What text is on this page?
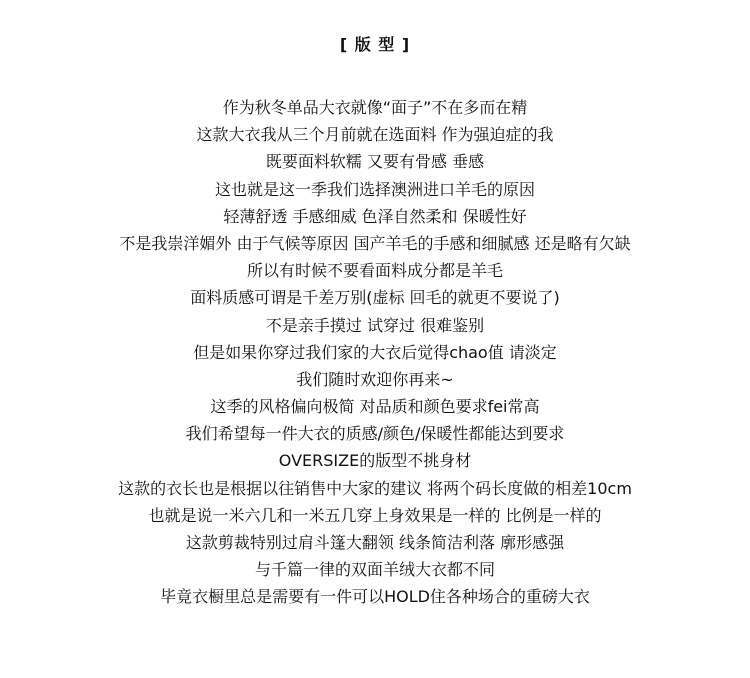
[ 版 型 ]
作为秋冬单品大衣就像“面子”不在多而在精
这款大衣我从三个月前就在选面料 作为强迫症的我
既要面料软糯 又要有骨感 垂感
这也就是这一季我们选择澳洲进口羊毛的原因
轻薄舒透 手感细威 色泽自然柔和 保暖性好
不是我崇洋媚外 由于气候等原因 国产羊毛的手感和细腻感 还是略有欠缺
所以有时候不要看面料成分都是羊毛
面料质感可谓是千差万别(虚标 回毛的就更不要说了)
不是亲手摸过 试穿过 很难鉴别
但是如果你穿过我们家的大衣后觉得chao值 请淡定
我们随时欢迎你再来~
这季的风格偏向极简 对品质和颜色要求fei常高
我们希望每一件大衣的质感/颜色/保暖性都能达到要求
OVERSIZE的版型不挑身材
这款的衣长也是根据以往销售中大家的建议 将两个码长度做的相差10cm
也就是说一米六几和一米五几穿上身效果是一样的 比例是一样的
这款剪裁特别过肩斗篷大翻领 线条简洁利落 廓形感强
与千篇一律的双面羊绒大衣都不同
毕竟衣橱里总是需要有一件可以HOLD住各种场合的重磅大衣
